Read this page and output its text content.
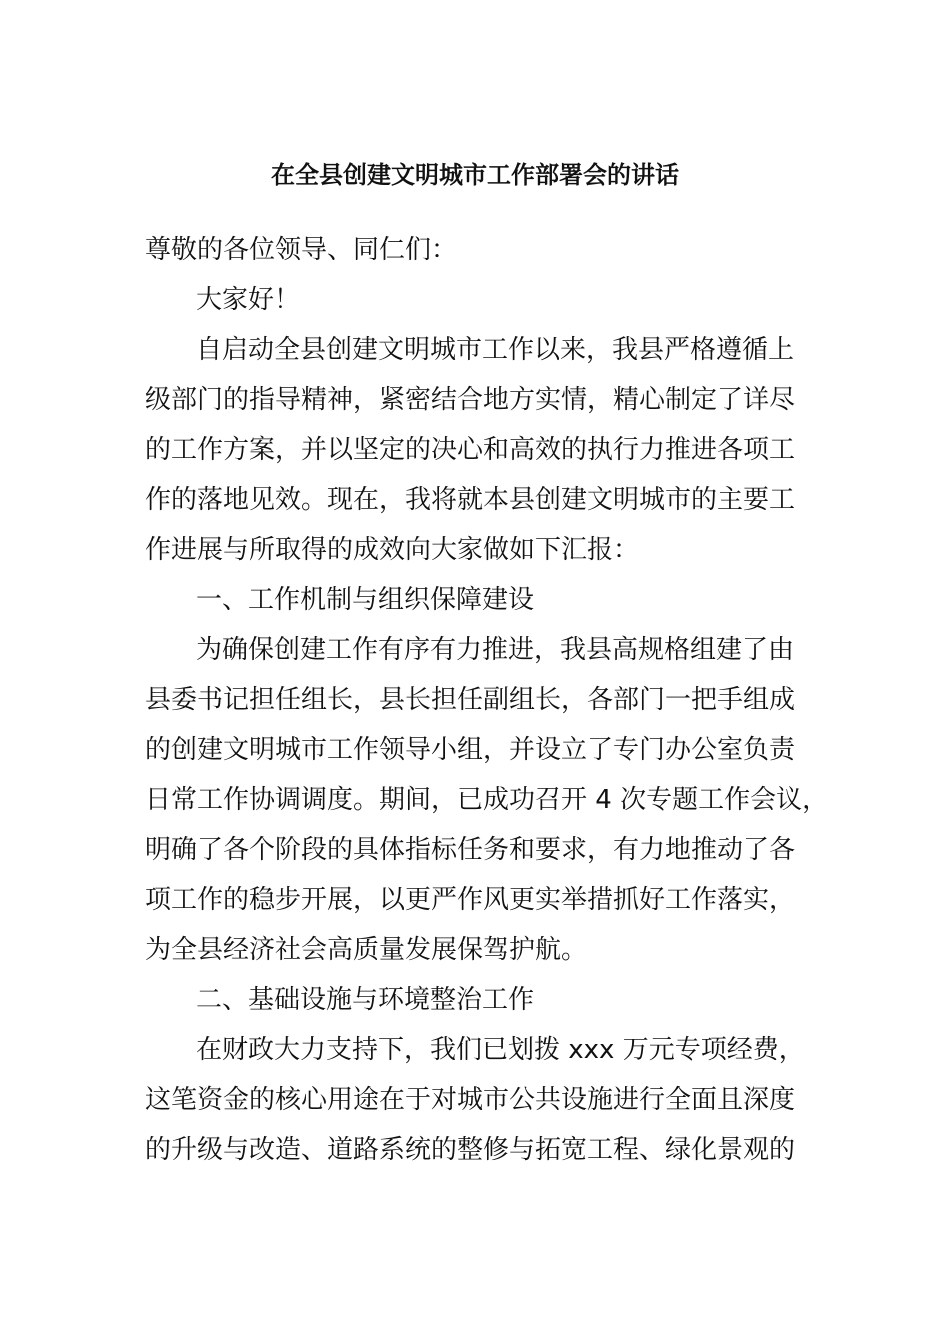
在全县创建文明城市工作部署会的讲话
尊敬的各位领导、同仁们：
大家好！
自启动全县创建文明城市工作以来，我县严格遵循上
级部门的指导精神，紧密结合地方实情，精心制定了详尽
的工作方案，并以坚定的决心和高效的执行力推进各项工
作的落地见效。现在，我将就本县创建文明城市的主要工
作进展与所取得的成效向大家做如下汇报：
一、工作机制与组织保障建设
为确保创建工作有序有力推进，我县高规格组建了由
县委书记担任组长，县长担任副组长，各部门一把手组成
的创建文明城市工作领导小组，并设立了专门办公室负责
日常工作协调调度。期间，已成功召开 4 次专题工作会议，
明确了各个阶段的具体指标任务和要求，有力地推动了各
项工作的稳步开展，以更严作风更实举措抓好工作落实，
为全县经济社会高质量发展保驾护航。
二、基础设施与环境整治工作
在财政大力支持下，我们已划拨 xxx 万元专项经费，
这笔资金的核心用途在于对城市公共设施进行全面且深度
的升级与改造、道路系统的整修与拓宽工程、绿化景观的
